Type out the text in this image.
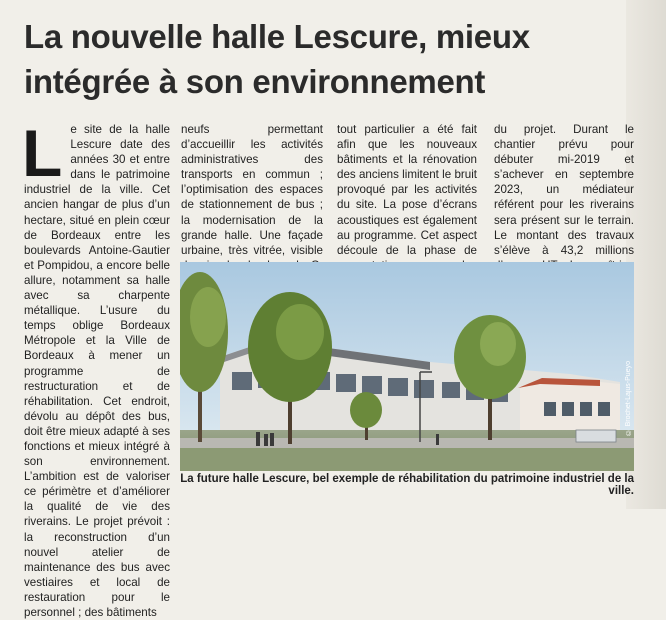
La nouvelle halle Lescure, mieux
intégrée à son environnement
L e site de la halle Lescure date des années 30 et entre dans le patrimoine industriel de la ville. Cet ancien hangar de plus d’un hectare, situé en plein cœur de Bordeaux entre les boulevards Antoine-Gautier et Pompidou, a encore belle allure, notamment sa halle avec sa charpente métallique. L’usure du temps oblige Bordeaux Métropole et la Ville de Bordeaux à mener un programme de restructuration et de réhabilitation. Cet endroit, dévolu au dépôt des bus, doit être mieux adapté à ses fonctions et mieux intégré à son environnement. L’ambition est de valoriser ce périmètre et d’améliorer la qualité de vie des riverains. Le projet prévoit : la reconstruction d’un nouvel atelier de maintenance des bus avec vestiaires et local de restauration pour le personnel ; des bâtiments

neufs permettant d’accueillir les activités administratives des transports en commun ; l’optimisation des espaces de stationnement de bus ; la modernisation de la grande halle. Une façade urbaine, très vitrée, visible

tout particulier a été fait afin que les nouveaux bâtiments et la rénovation des anciens limitent le bruit provoqué par les activités du site. La pose d’écrans acoustiques est également au programme. Cet aspect découle de la phase de

du projet. Durant le chantier prévu pour débuter mi-2019 et s’achever en septembre 2023, un médiateur référent pour les riverains sera présent sur le terrain. Le montant des travaux s’élève à 43,2 millions

© Brochet-Lajus-Pueyo
La future halle Lescure, bel exemple de réhabilitation du patrimoine industriel de la ville.
